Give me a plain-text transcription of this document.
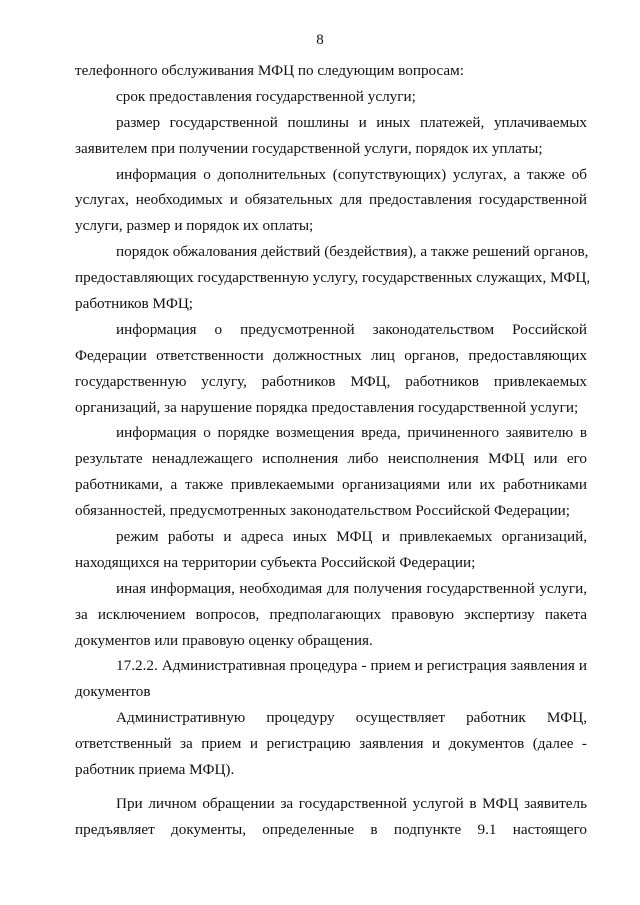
8
телефонного обслуживания МФЦ по следующим вопросам:
срок предоставления государственной услуги;
размер государственной пошлины и иных платежей, уплачиваемых
заявителем при получении государственной услуги, порядок их уплаты;
информация о дополнительных (сопутствующих) услугах, а также об
услугах, необходимых и обязательных для предоставления государственной
услуги, размер и порядок их оплаты;
порядок обжалования действий (бездействия), а также решений органов,
предоставляющих государственную услугу, государственных служащих, МФЦ,
работников МФЦ;
информация о предусмотренной законодательством Российской
Федерации ответственности должностных лиц органов, предоставляющих
государственную услугу, работников МФЦ, работников привлекаемых
организаций, за нарушение порядка предоставления государственной услуги;
информация о порядке возмещения вреда, причиненного заявителю в
результате ненадлежащего исполнения либо неисполнения МФЦ или его
работниками, а также привлекаемыми организациями или их работниками
обязанностей, предусмотренных законодательством Российской Федерации;
режим работы и адреса иных МФЦ и привлекаемых организаций,
находящихся на территории субъекта Российской Федерации;
иная информация, необходимая для получения государственной услуги,
за исключением вопросов, предполагающих правовую экспертизу пакета
документов или правовую оценку обращения.
17.2.2. Административная процедура - прием и регистрация заявления и
документов
Административную процедуру осуществляет работник МФЦ,
ответственный за прием и регистрацию заявления и документов (далее -
работник приема МФЦ).
При личном обращении за государственной услугой в МФЦ заявитель
предъявляет документы, определенные в подпункте 9.1 настоящего
